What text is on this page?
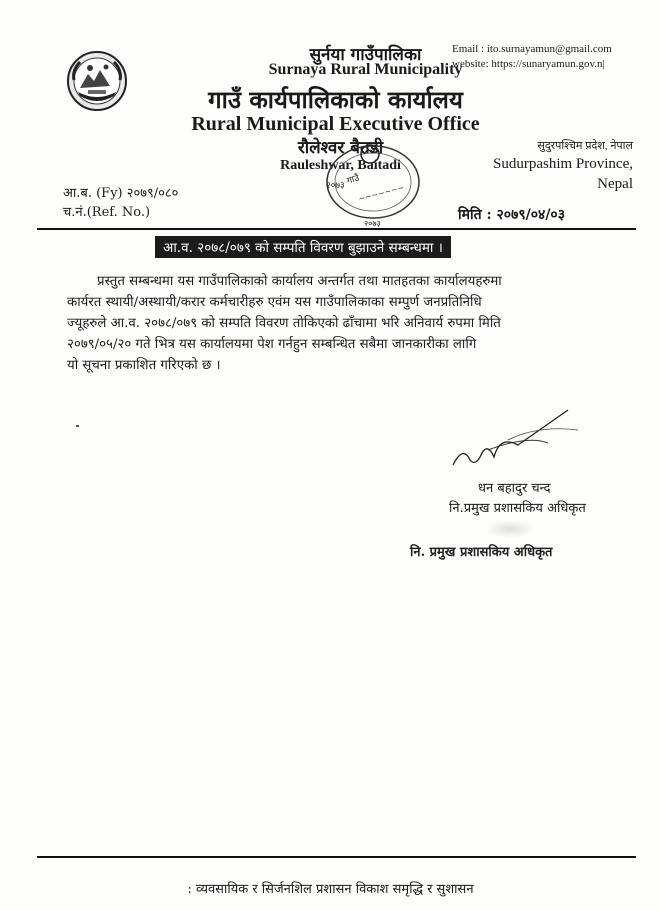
सुर्नया गाउँपालिका
Surnaya Rural Municipality
गाउँ कार्यपालिकाको कार्यालय
Rural Municipal Executive Office
रौलेश्वर बैतडी
Rauleshwar, Baitadi
Email : ito.surnayamun@gmail.com
website: https://sunaryamun.gov.n|
सुदुरपश्चिम प्रदेश, नेपाल
Sudurpashim Province,
Nepal
आ.ब. (Fy) २०७९/०८०
च.नं.(Ref. No.)
गाउँ
२०७३ ~~~~~~~
२०७३
मिति : २०७९/०४/०३
आ.व. २०७८/०७९ को सम्पति विवरण बुझाउने सम्बन्धमा ।
प्रस्तुत सम्बन्धमा यस गाउँपालिकाको कार्यालय अन्तर्गत तथा मातहतका कार्यालयहरुमा
कार्यरत स्थायी/अस्थायी/करार कर्मचारीहरु एवंम यस गाउँपालिकाका सम्पुर्ण जनप्रतिनिधि
ज्यूहरुले आ.व. २०७८/०७९ को सम्पति विवरण तोकिएको ढाँचामा भरि अनिवार्य रुपमा मिति
२०७९/०५/२० गते भित्र यस कार्यालयमा पेश गर्नहुन सम्बन्धित सबैमा जानकारीका लागि
यो सूचना प्रकाशित गरिएको छ ।
धन बहादुर चन्द
नि.प्रमुख प्रशासकिय अधिकृत
नि. प्रमुख प्रशासकिय अधिकृत
: व्यवसायिक र सिर्जनशिल प्रशासन विकाश समृद्धि र सुशासन
